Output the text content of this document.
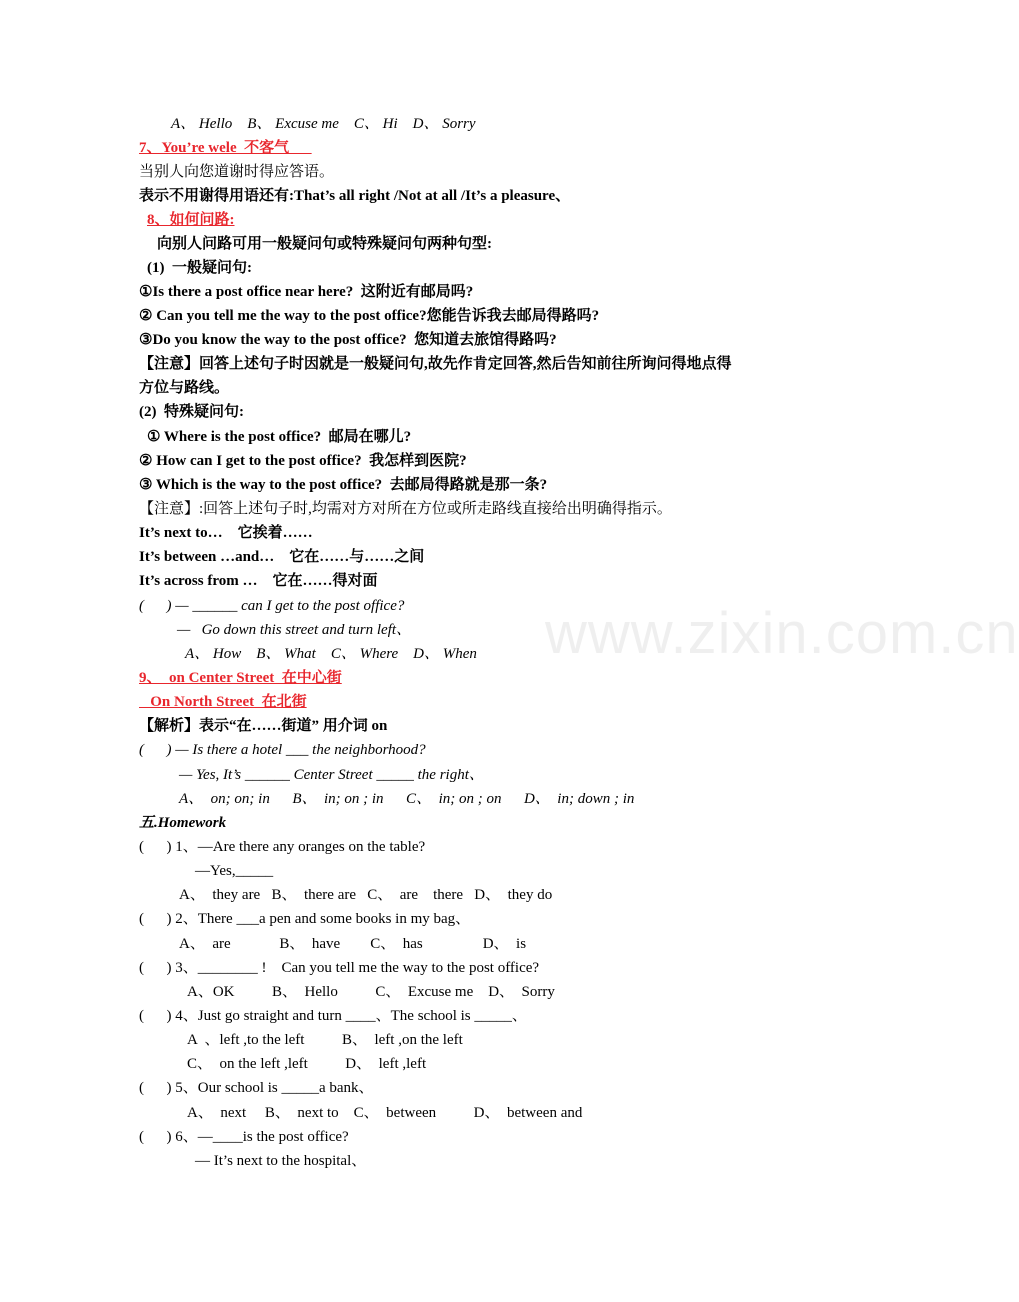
www.zixin.com.cn
A、 Hello    B、 Excuse me    C、 Hi    D、 Sorry
7、You’re wele  不客气
当别人向您道谢时得应答语。
表示不用谢得用语还有:That’s all right /Not at all /It’s a pleasure、
8、如何问路:
向别人问路可用一般疑问句或特殊疑问句两种句型:
(1)  一般疑问句:
①Is there a post office near here?  这附近有邮局吗?
② Can you tell me the way to the post office?您能告诉我去邮局得路吗?
③Do you know the way to the post office?  您知道去旅馆得路吗?
【注意】回答上述句子时因就是一般疑问句,故先作肯定回答,然后告知前往所询问得地点得
方位与路线。
(2)  特殊疑问句:
① Where is the post office?  邮局在哪儿?
② How can I get to the post office?  我怎样到医院?
③ Which is the way to the post office?  去邮局得路就是那一条?
【注意】:回答上述句子时,均需对方对所在方位或所走路线直接给出明确得指示。
It’s next to…    它挨着……
It’s between …and…    它在……与……之间
It’s across from …    它在……得对面
(      ) — ______ can I get to the post office?
—   Go down this street and turn left、
A、 How    B、 What    C、 Where    D、 When
9、  on Center Street  在中心街
On North Street  在北街
【解析】表示“在……街道” 用介词 on
(      ) — Is there a hotel ___ the neighborhood?
— Yes, It’s ______ Center Street _____ the right、
A、  on; on; in      B、  in; on ; in      C、  in; on ; on      D、  in; down ; in
五.Homework
(      ) 1、—Are there any oranges on the table?
—Yes,_____
A、  they are   B、  there are   C、  are    there   D、  they do
(      ) 2、There ___a pen and some books in my bag、
A、  are             B、  have        C、  has                D、  is
(      ) 3、________ !    Can you tell me the way to the post office?
A、OK          B、  Hello          C、  Excuse me    D、  Sorry
(      ) 4、Just go straight and turn ____、The school is _____、
A  、left ,to the left          B、  left ,on the left
C、  on the left ,left          D、  left ,left
(      ) 5、Our school is _____a bank、
A、  next     B、  next to    C、  between          D、  between and
(      ) 6、—____is the post office?
— It’s next to the hospital、
